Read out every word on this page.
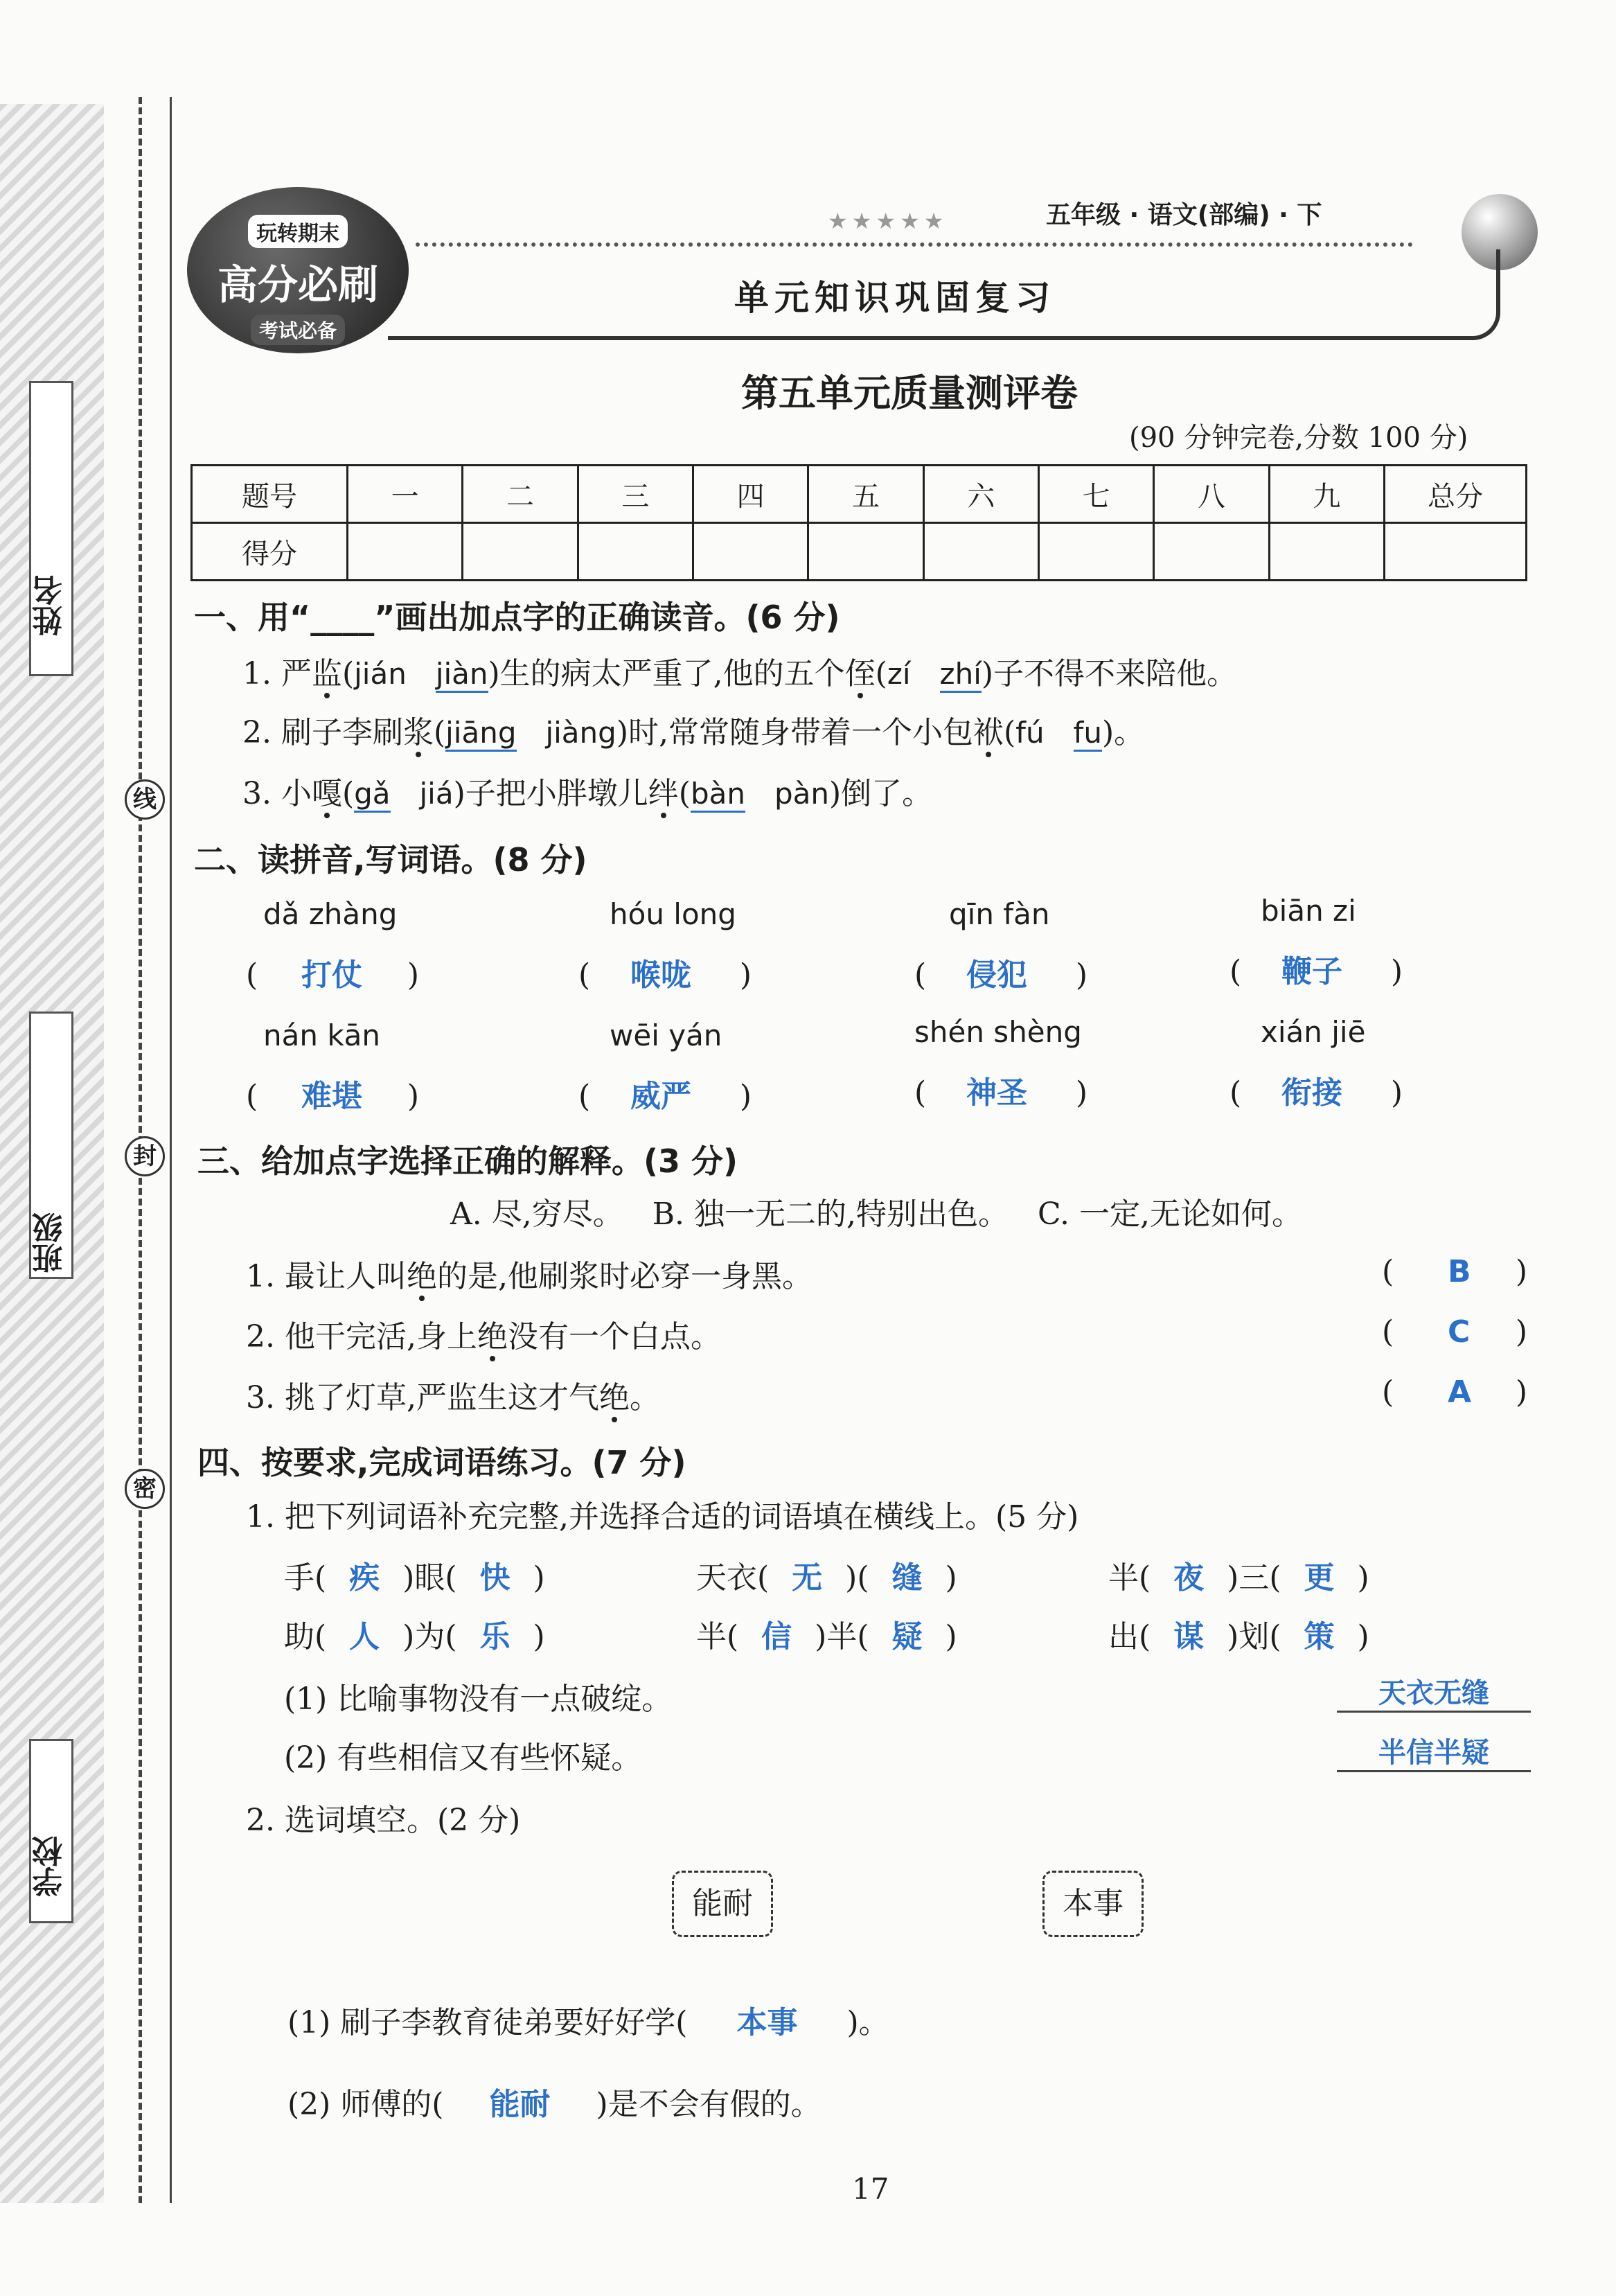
姓名
班级
学校
线
封
密
玩转期末
高分必刷
考试必备
★★★★★	五年级 · 语文(部编) · 下
单元知识巩固复习
第五单元质量测评卷
(90 分钟完卷,分数 100 分)
题号	一	二	三	四	五	六	七	八	九	总分
得分										
一、用“____”画出加点字的正确读音。(6 分)
1. 严监(jián jiàn)生的病太严重了,他的五个侄(zí zhí)子不得不来陪他。
2. 刷子李刷浆(jiāng jiàng)时,常常随身带着一个小包袱(fú fu)。
3. 小嘎(gǎ jiá)子把小胖墩儿绊(bàn pàn)倒了。
二、读拼音,写词语。(8 分)
dǎ zhàng	hóu long	qīn fàn	biān zi
( 打仗 )	( 喉咙 )	( 侵犯 )	( 鞭子 )
nán kān	wēi yán	shén shèng	xián jiē
( 难堪 )	( 威严 )	( 神圣 )	( 衔接 )
三、给加点字选择正确的解释。(3 分)
A. 尽,穷尽。   B. 独一无二的,特别出色。   C. 一定,无论如何。
1. 最让人叫绝的是,他刷浆时必穿一身黑。	( B )
2. 他干完活,身上绝没有一个白点。	( C )
3. 挑了灯草,严监生这才气绝。	( A )
四、按要求,完成词语练习。(7 分)
1. 把下列词语补充完整,并选择合适的词语填在横线上。(5 分)
手( 疾 )眼( 快 )	天衣( 无 )( 缝 )	半( 夜 )三( 更 )
助( 人 )为( 乐 )	半( 信 )半( 疑 )	出( 谋 )划( 策 )
(1) 比喻事物没有一点破绽。	天衣无缝
(2) 有些相信又有些怀疑。	半信半疑
2. 选词填空。(2 分)
能耐	本事
(1) 刷子李教育徒弟要好好学( 本事 )。
(2) 师傅的( 能耐 )是不会有假的。
17
